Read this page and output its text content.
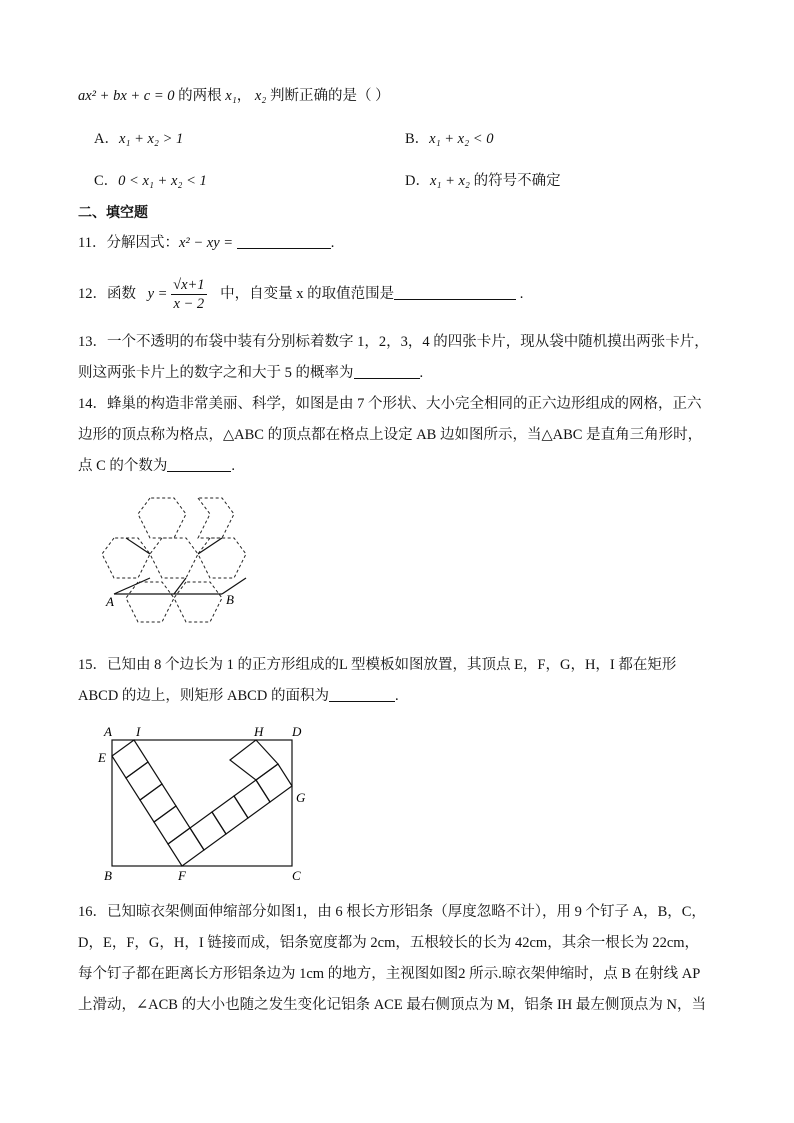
ax² + bx + c = 0 的两根 x₁， x₂ 判断正确的是（ ）
A．x₁ + x₂ > 1	B．x₁ + x₂ < 0
C．0 < x₁ + x₂ < 1	D．x₁ + x₂ 的符号不确定
二、填空题
11．分解因式：x² − xy =	.
12．函数 $y = \frac{√x+1}{x - 2}$ 中，自变量 x 的取值范围是	.
13．一个不透明的布袋中装有分别标着数字 1，2，3，4 的四张卡片，现从袋中随机摸出两张卡片，
则这两张卡片上的数字之和大于 5 的概率为	.
14．蜂巢的构造非常美丽、科学，如图是由 7 个形状、大小完全相同的正六边形组成的网格，正六
边形的顶点称为格点，△ABC 的顶点都在格点上设定 AB 边如图所示，当△ABC 是直角三角形时，
点 C 的个数为	.
A	B
15．已知由 8 个边长为 1 的正方形组成的L 型模板如图放置，其顶点 E，F，G，H，I 都在矩形
ABCD 的边上，则矩形 ABCD 的面积为	.
A I	H D
E
G
B	F	C
16．已知晾衣架侧面伸缩部分如图1，由 6 根长方形铝条（厚度忽略不计），用 9 个钉子 A，B，C，
D，E，F，G，H，I 链接而成，铝条宽度都为 2cm，五根较长的长为 42cm，其余一根长为 22cm，
每个钉子都在距离长方形铝条边为 1cm 的地方，主视图如图2 所示.晾衣架伸缩时，点 B 在射线 AP
上滑动，∠ACB 的大小也随之发生变化记铝条 ACE 最右侧顶点为 M，铝条 IH 最左侧顶点为 N，当
